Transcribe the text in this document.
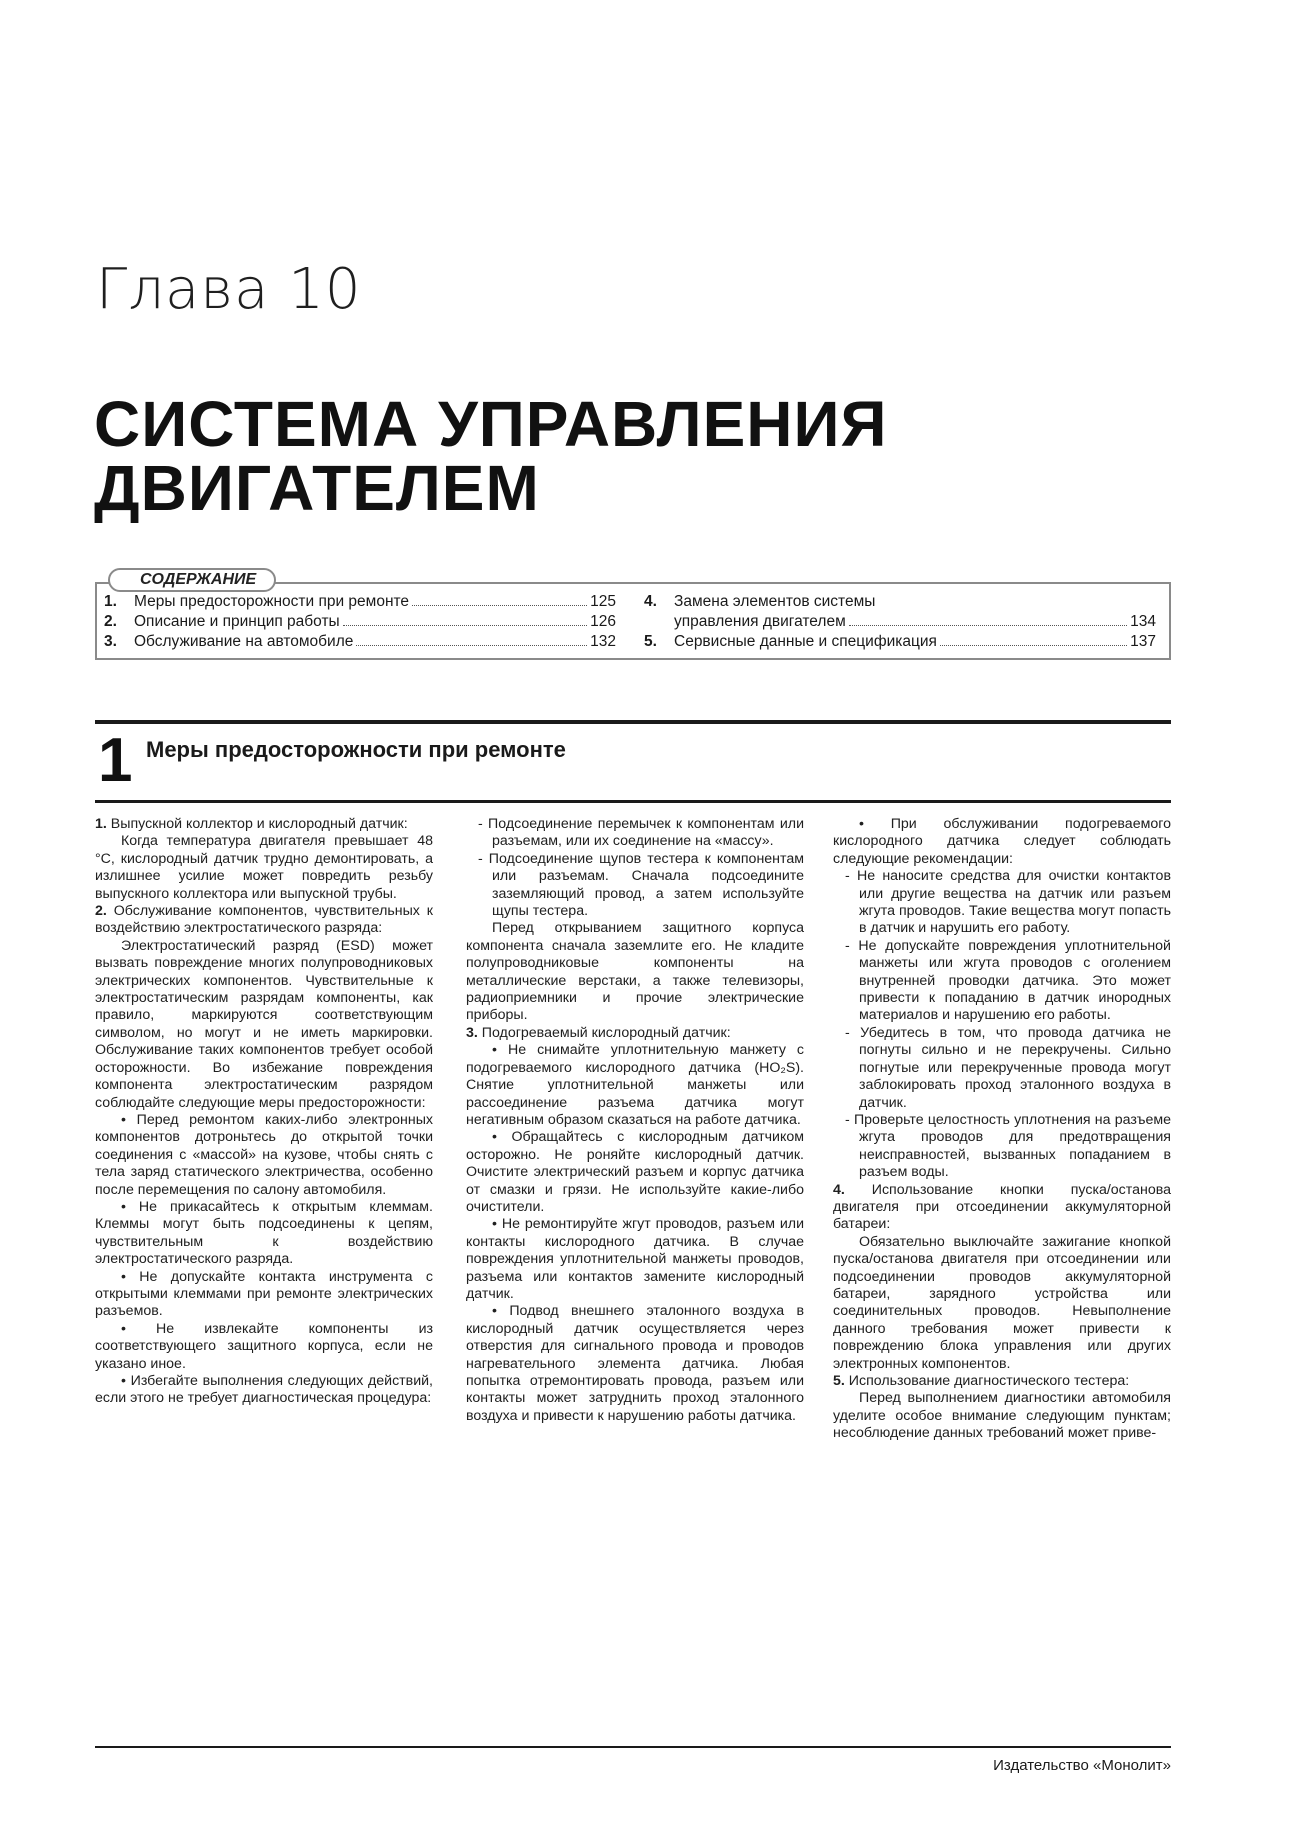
Глава 10
СИСТЕМА УПРАВЛЕНИЯ
ДВИГАТЕЛЕМ
СОДЕРЖАНИЕ
1.	Меры предосторожности при ремонте	125
2.	Описание и принцип работы	126
3.	Обслуживание на автомобиле	132
4.	Замена элементов системы
управления двигателем	134
5.	Сервисные данные и спецификация	137
1 Меры предосторожности при ремонте

1. Выпускной коллектор и кислородный датчик:

Когда температура двигателя превышает 48 °C, кислородный датчик трудно демонтировать, а излишнее усилие может повредить резьбу выпускного коллектора или выпускной трубы.

2. Обслуживание компонентов, чувствительных к воздействию электростатического разряда:

Электростатический разряд (ESD) может вызвать повреждение многих полупроводниковых электрических компонентов. Чувствительные к электростатическим разрядам компоненты, как правило, маркируются соответствующим символом, но могут и не иметь маркировки. Обслуживание таких компонентов требует особой осторожности. Во избежание повреждения компонента электростатическим разрядом соблюдайте следующие меры предосторожности:

• Перед ремонтом каких-либо электронных компонентов дотроньтесь до открытой точки соединения с «массой» на кузове, чтобы снять с тела заряд статического электричества, особенно после перемещения по салону автомобиля.

• Не прикасайтесь к открытым клеммам. Клеммы могут быть подсоединены к цепям, чувствительным к воздействию электростатического разряда.

• Не допускайте контакта инструмента с открытыми клеммами при ремонте электрических разъемов.

• Не извлекайте компоненты из соответствующего защитного корпуса, если не указано иное.

• Избегайте выполнения следующих действий, если этого не требует диагностическая процедура:

- Подсоединение перемычек к компонентам или разъемам, или их соединение на «массу».

- Подсоединение щупов тестера к компонентам или разъемам. Сначала подсоедините заземляющий провод, а затем используйте щупы тестера.

Перед открыванием защитного корпуса компонента сначала заземлите его. Не кладите полупроводниковые компоненты на металлические верстаки, а также телевизоры, радиоприемники и прочие электрические приборы.

3. Подогреваемый кислородный датчик:

• Не снимайте уплотнительную манжету с подогреваемого кислородного датчика (HO₂S). Снятие уплотнительной манжеты или рассоединение разъема датчика могут негативным образом сказаться на работе датчика.

• Обращайтесь с кислородным датчиком осторожно. Не роняйте кислородный датчик. Очистите электрический разъем и корпус датчика от смазки и грязи. Не используйте какие-либо очистители.

• Не ремонтируйте жгут проводов, разъем или контакты кислородного датчика. В случае повреждения уплотнительной манжеты проводов, разъема или контактов замените кислородный датчик.

• Подвод внешнего эталонного воздуха в кислородный датчик осуществляется через отверстия для сигнального провода и проводов нагревательного элемента датчика. Любая попытка отремонтировать провода, разъем или контакты может затруднить проход эталонного воздуха и привести к нарушению работы датчика.

• При обслуживании подогреваемого кислородного датчика следует соблюдать следующие рекомендации:

- Не наносите средства для очистки контактов или другие вещества на датчик или разъем жгута проводов. Такие вещества могут попасть в датчик и нарушить его работу.

- Не допускайте повреждения уплотнительной манжеты или жгута проводов с оголением внутренней проводки датчика. Это может привести к попаданию в датчик инородных материалов и нарушению его работы.

- Убедитесь в том, что провода датчика не погнуты сильно и не перекручены. Сильно погнутые или перекрученные провода могут заблокировать проход эталонного воздуха в датчик.

- Проверьте целостность уплотнения на разъеме жгута проводов для предотвращения неисправностей, вызванных попаданием в разъем воды.

4. Использование кнопки пуска/останова двигателя при отсоединении аккумуляторной батареи:

Обязательно выключайте зажигание кнопкой пуска/останова двигателя при отсоединении или подсоединении проводов аккумуляторной батареи, зарядного устройства или соединительных проводов. Невыполнение данного требования может привести к повреждению блока управления или других электронных компонентов.

5. Использование диагностического тестера:

Перед выполнением диагностики автомобиля уделите особое внимание следующим пунктам; несоблюдение данных требований может приве-

Издательство «Монолит»
